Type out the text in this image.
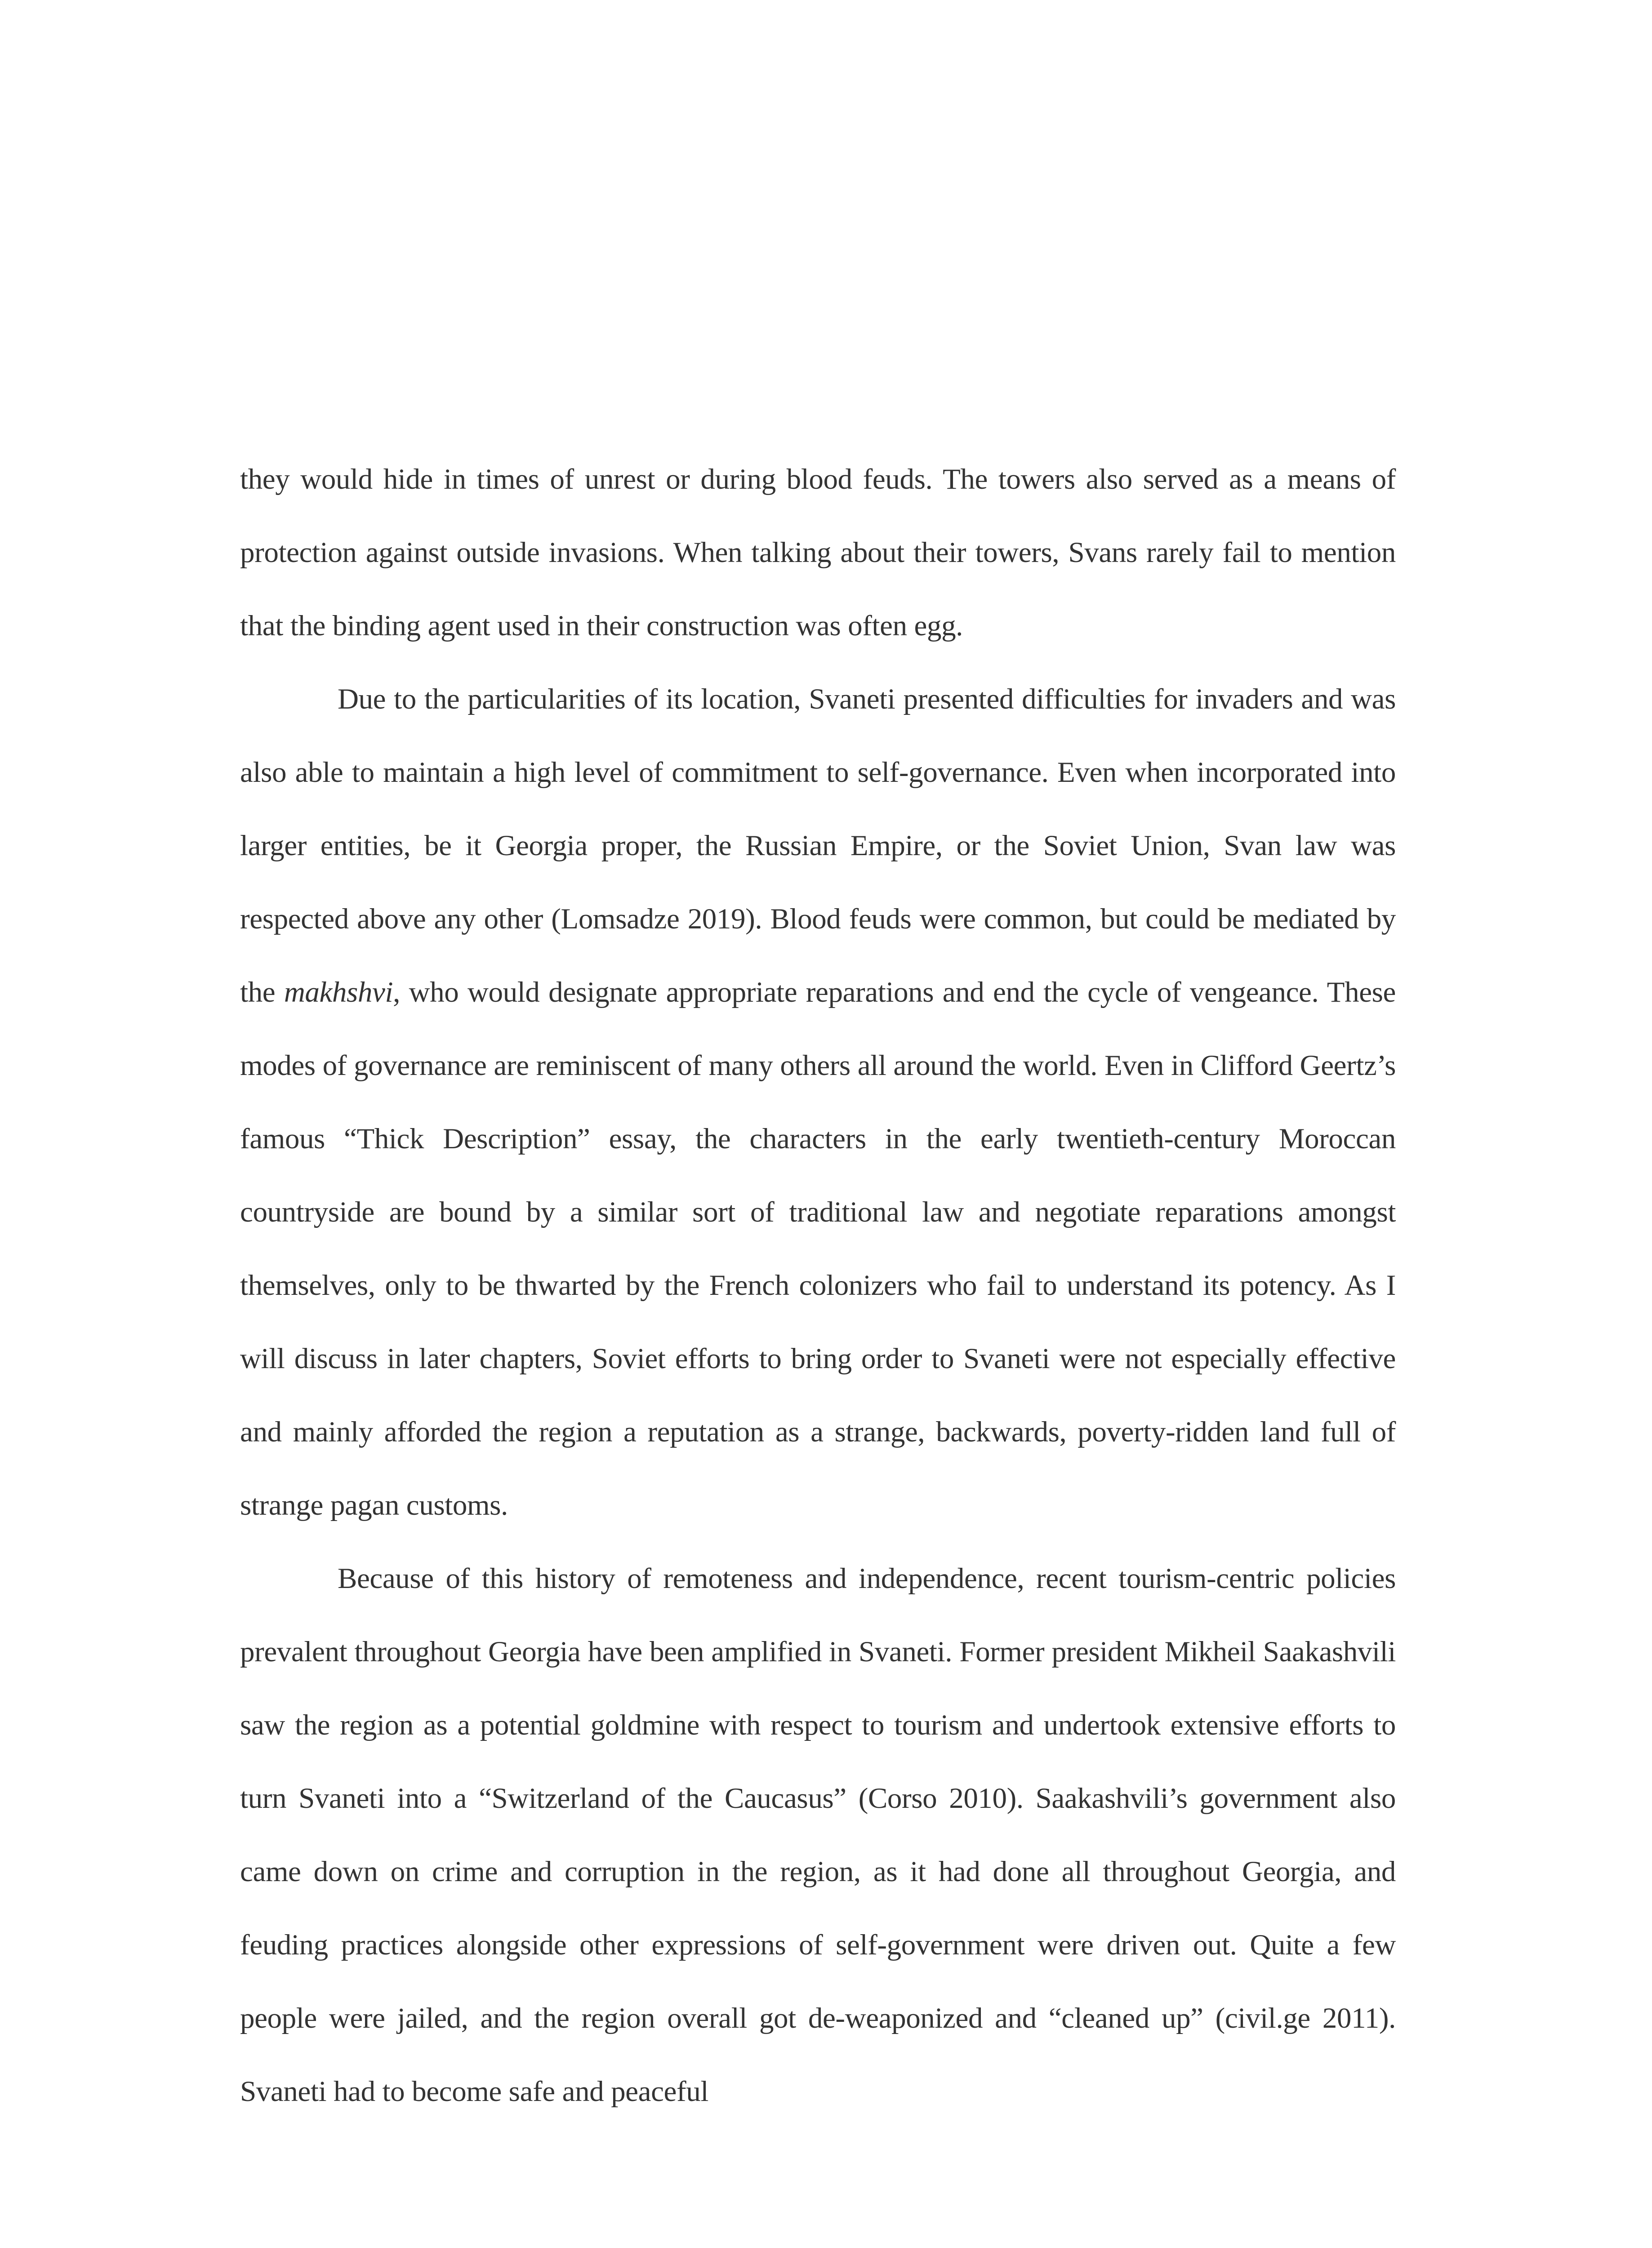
they would hide in times of unrest or during blood feuds. The towers also served as a means of protection against outside invasions. When talking about their towers, Svans rarely fail to mention that the binding agent used in their construction was often egg.

Due to the particularities of its location, Svaneti presented difficulties for invaders and was also able to maintain a high level of commitment to self-governance. Even when incorporated into larger entities, be it Georgia proper, the Russian Empire, or the Soviet Union, Svan law was respected above any other (Lomsadze 2019). Blood feuds were common, but could be mediated by the makhshvi, who would designate appropriate reparations and end the cycle of vengeance. These modes of governance are reminiscent of many others all around the world. Even in Clifford Geertz’s famous “Thick Description” essay, the characters in the early twentieth-century Moroccan countryside are bound by a similar sort of traditional law and negotiate reparations amongst themselves, only to be thwarted by the French colonizers who fail to understand its potency. As I will discuss in later chapters, Soviet efforts to bring order to Svaneti were not especially effective and mainly afforded the region a reputation as a strange, backwards, poverty-ridden land full of strange pagan customs.

Because of this history of remoteness and independence, recent tourism-centric policies prevalent throughout Georgia have been amplified in Svaneti. Former president Mikheil Saakashvili saw the region as a potential goldmine with respect to tourism and undertook extensive efforts to turn Svaneti into a “Switzerland of the Caucasus” (Corso 2010). Saakashvili’s government also came down on crime and corruption in the region, as it had done all throughout Georgia, and feuding practices alongside other expressions of self-government were driven out. Quite a few people were jailed, and the region overall got de-weaponized and “cleaned up” (civil.ge 2011). Svaneti had to become safe and peaceful
